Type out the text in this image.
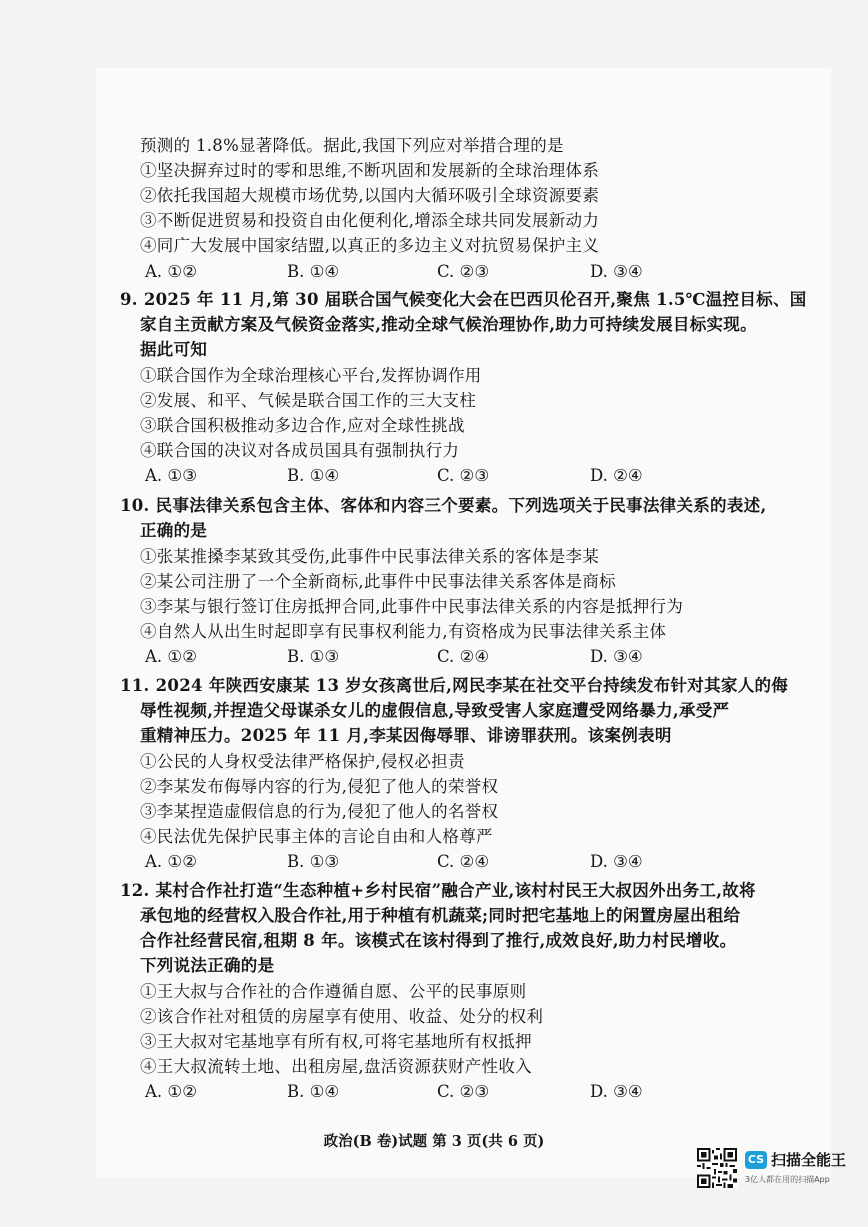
预测的 1.8%显著降低。据此,我国下列应对举措合理的是
①坚决摒弃过时的零和思维,不断巩固和发展新的全球治理体系
②依托我国超大规模市场优势,以国内大循环吸引全球资源要素
③不断促进贸易和投资自由化便利化,增添全球共同发展新动力
④同广大发展中国家结盟,以真正的多边主义对抗贸易保护主义
A. ①②	B. ①④	C. ②③	D. ③④
9. 2025 年 11 月,第 30 届联合国气候变化大会在巴西贝伦召开,聚焦 1.5℃温控目标、国
家自主贡献方案及气候资金落实,推动全球气候治理协作,助力可持续发展目标实现。
据此可知
①联合国作为全球治理核心平台,发挥协调作用
②发展、和平、气候是联合国工作的三大支柱
③联合国积极推动多边合作,应对全球性挑战
④联合国的决议对各成员国具有强制执行力
A. ①③	B. ①④	C. ②③	D. ②④
10. 民事法律关系包含主体、客体和内容三个要素。下列选项关于民事法律关系的表述,
正确的是
①张某推搡李某致其受伤,此事件中民事法律关系的客体是李某
②某公司注册了一个全新商标,此事件中民事法律关系客体是商标
③李某与银行签订住房抵押合同,此事件中民事法律关系的内容是抵押行为
④自然人从出生时起即享有民事权利能力,有资格成为民事法律关系主体
A. ①②	B. ①③	C. ②④	D. ③④
11. 2024 年陕西安康某 13 岁女孩离世后,网民李某在社交平台持续发布针对其家人的侮
辱性视频,并捏造父母谋杀女儿的虚假信息,导致受害人家庭遭受网络暴力,承受严
重精神压力。2025 年 11 月,李某因侮辱罪、诽谤罪获刑。该案例表明
①公民的人身权受法律严格保护,侵权必担责
②李某发布侮辱内容的行为,侵犯了他人的荣誉权
③李某捏造虚假信息的行为,侵犯了他人的名誉权
④民法优先保护民事主体的言论自由和人格尊严
A. ①②	B. ①③	C. ②④	D. ③④
12. 某村合作社打造“生态种植+乡村民宿”融合产业,该村村民王大叔因外出务工,故将
承包地的经营权入股合作社,用于种植有机蔬菜;同时把宅基地上的闲置房屋出租给
合作社经营民宿,租期 8 年。该模式在该村得到了推行,成效良好,助力村民增收。
下列说法正确的是
①王大叔与合作社的合作遵循自愿、公平的民事原则
②该合作社对租赁的房屋享有使用、收益、处分的权利
③王大叔对宅基地享有所有权,可将宅基地所有权抵押
④王大叔流转土地、出租房屋,盘活资源获财产性收入
A. ①②	B. ①④	C. ②③	D. ③④
政治(B 卷)试题 第 3 页(共 6 页)
CS 扫描全能王
3亿人都在用的扫描App
